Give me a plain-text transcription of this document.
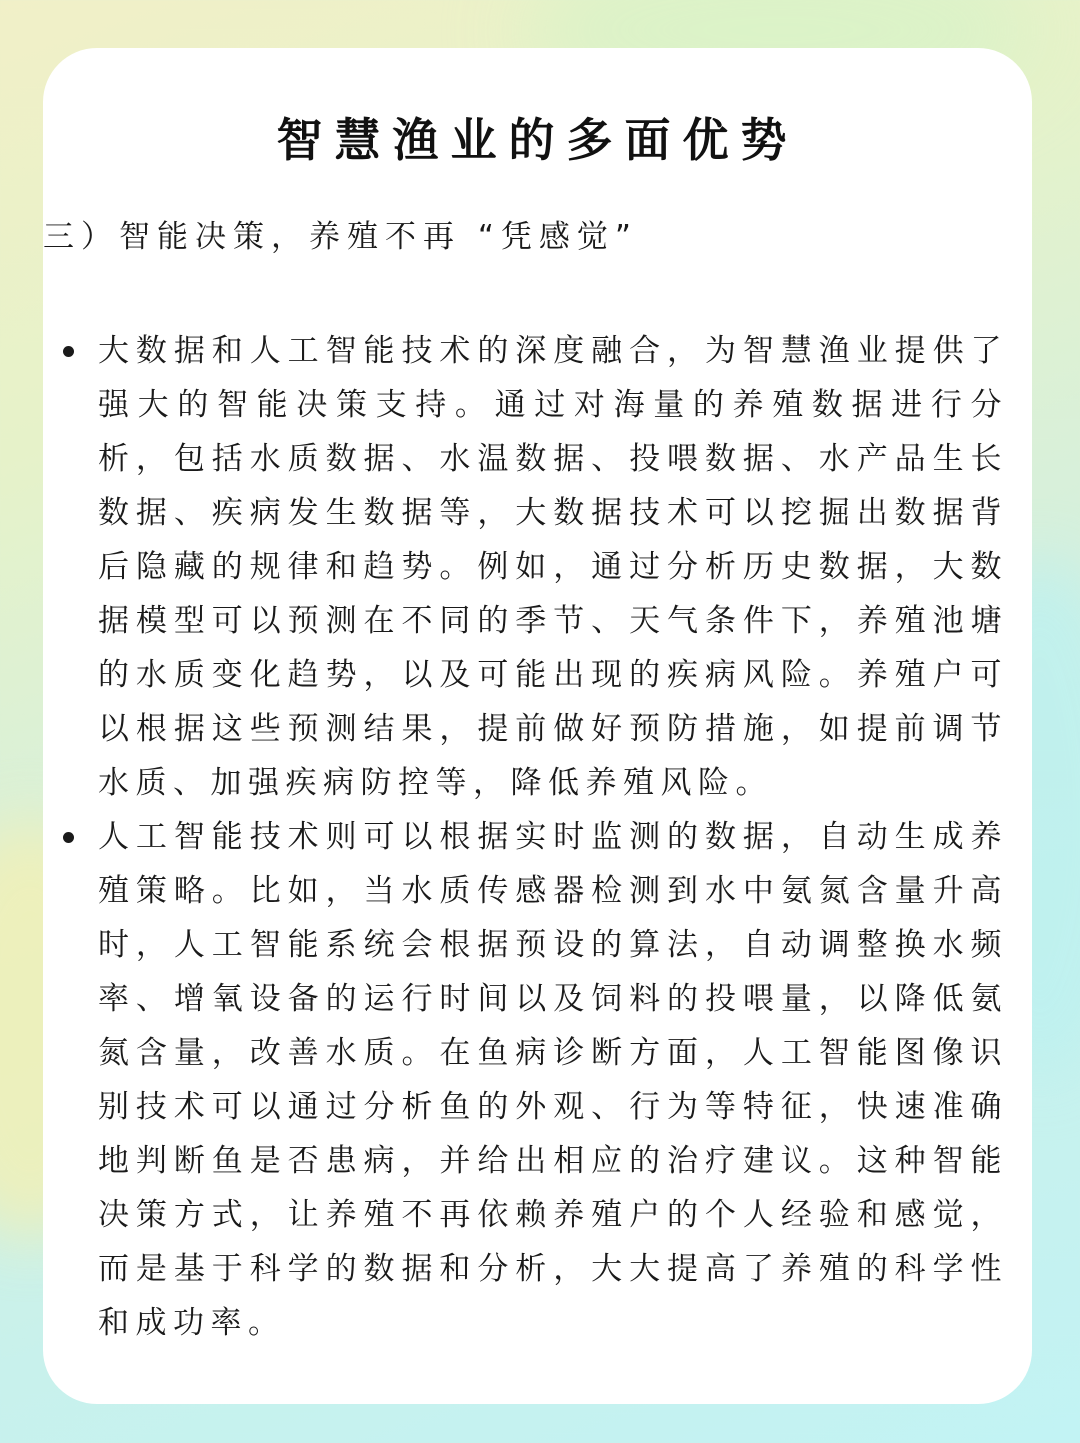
智慧渔业的多面优势
三）智能决策，养殖不再 “凭感觉”
大数据和人工智能技术的深度融合，为智慧渔业提供了强大的智能决策支持。通过对海量的养殖数据进行分析，包括水质数据、水温数据、投喂数据、水产品生长数据、疾病发生数据等，大数据技术可以挖掘出数据背后隐藏的规律和趋势。例如，通过分析历史数据，大数据模型可以预测在不同的季节、天气条件下，养殖池塘的水质变化趋势，以及可能出现的疾病风险。养殖户可以根据这些预测结果，提前做好预防措施，如提前调节水质、加强疾病防控等，降低养殖风险。
人工智能技术则可以根据实时监测的数据，自动生成养殖策略。比如，当水质传感器检测到水中氨氮含量升高时，人工智能系统会根据预设的算法，自动调整换水频率、增氧设备的运行时间以及饲料的投喂量，以降低氨氮含量，改善水质。在鱼病诊断方面，人工智能图像识别技术可以通过分析鱼的外观、行为等特征，快速准确地判断鱼是否患病，并给出相应的治疗建议。这种智能决策方式，让养殖不再依赖养殖户的个人经验和感觉，而是基于科学的数据和分析，大大提高了养殖的科学性和成功率。
